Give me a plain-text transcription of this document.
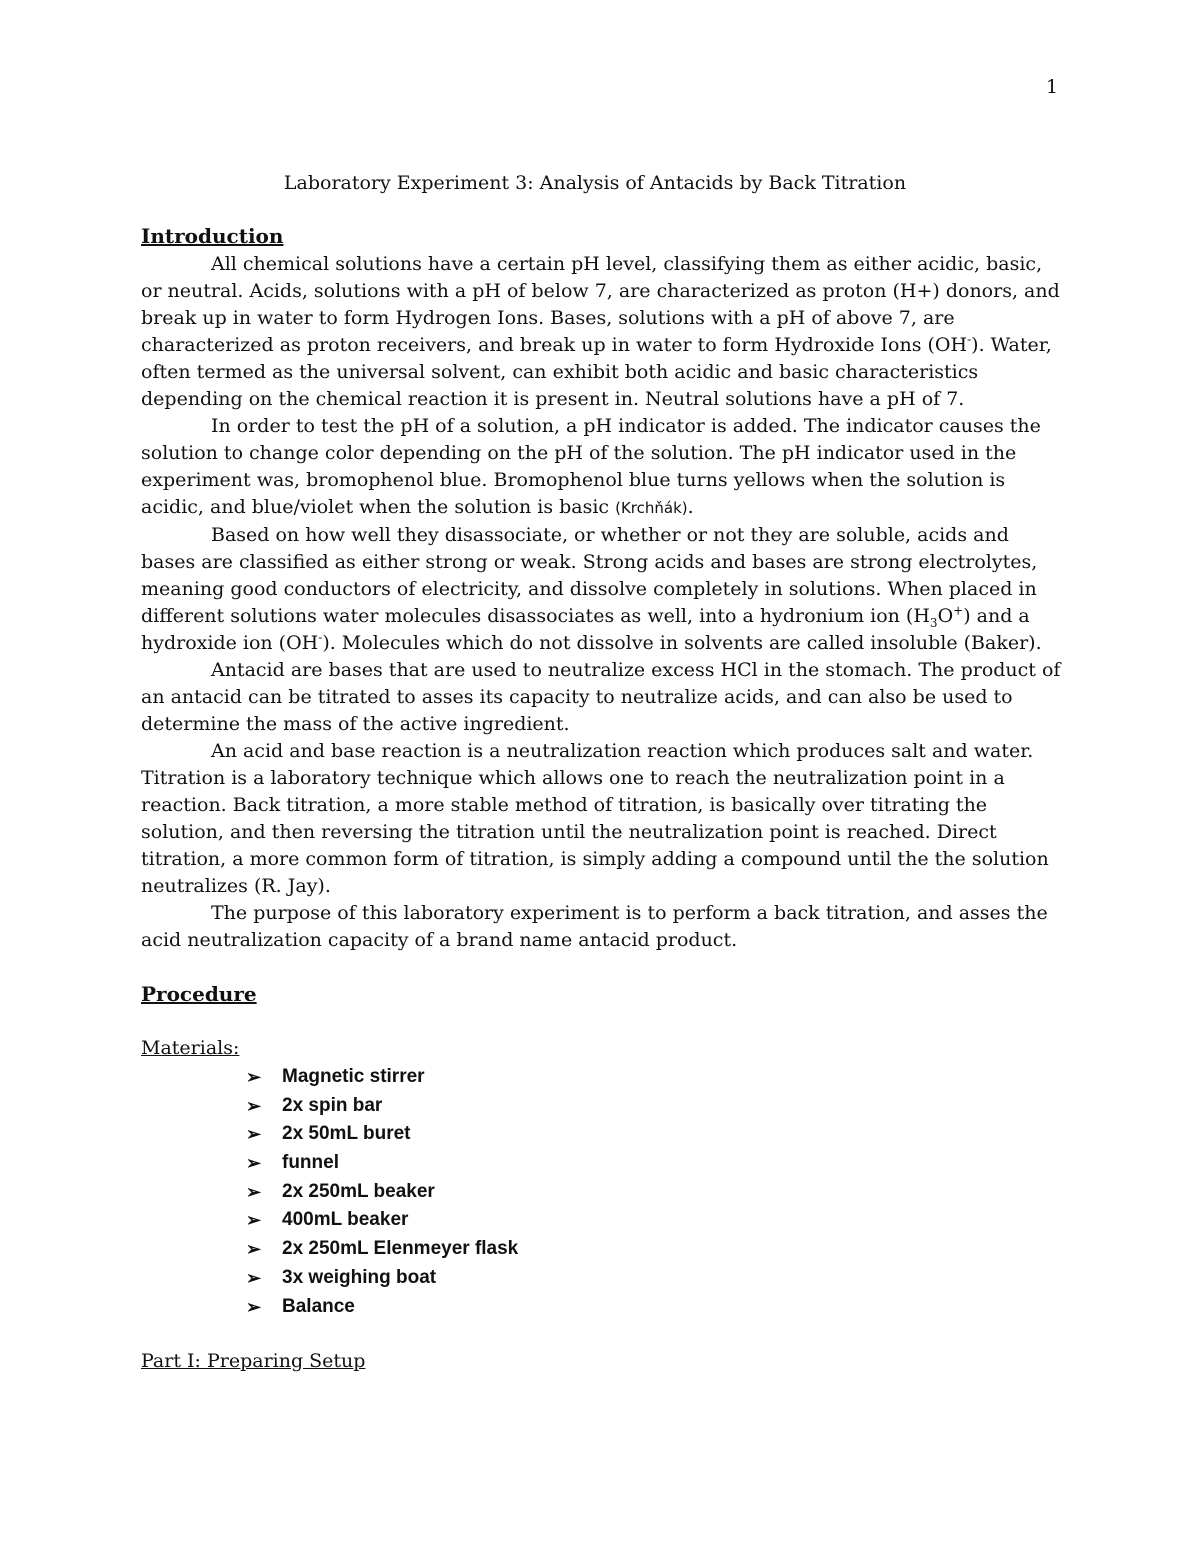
1
Laboratory Experiment 3: Analysis of Antacids by Back Titration
Introduction

All chemical solutions have a certain pH level, classifying them as either acidic, basic, or neutral. Acids, solutions with a pH of below 7, are characterized as proton (H+) donors, and break up in water to form Hydrogen Ions. Bases, solutions with a pH of above 7, are characterized as proton receivers, and break up in water to form Hydroxide Ions (OH-). Water, often termed as the universal solvent, can exhibit both acidic and basic characteristics depending on the chemical reaction it is present in. Neutral solutions have a pH of 7.

In order to test the pH of a solution, a pH indicator is added. The indicator causes the solution to change color depending on the pH of the solution. The pH indicator used in the experiment was, bromophenol blue. Bromophenol blue turns yellows when the solution is acidic, and blue/violet when the solution is basic (Krchňák).

Based on how well they disassociate, or whether or not they are soluble, acids and bases are classified as either strong or weak. Strong acids and bases are strong electrolytes, meaning good conductors of electricity, and dissolve completely in solutions. When placed in different solutions water molecules disassociates as well, into a hydronium ion $(H_3O^+)$ and a hydroxide ion (OH-). Molecules which do not dissolve in solvents are called insoluble (Baker).

Antacid are bases that are used to neutralize excess HCl in the stomach. The product of an antacid can be titrated to asses its capacity to neutralize acids, and can also be used to determine the mass of the active ingredient.

An acid and base reaction is a neutralization reaction which produces salt and water. Titration is a laboratory technique which allows one to reach the neutralization point in a reaction. Back titration, a more stable method of titration, is basically over titrating the solution, and then reversing the titration until the neutralization point is reached. Direct titration, a more common form of titration, is simply adding a compound until the the solution neutralizes (R. Jay).

The purpose of this laboratory experiment is to perform a back titration, and asses the acid neutralization capacity of a brand name antacid product.

Procedure
Materials:
➢	Magnetic stirrer
➢	2x spin bar
➢	2x 50mL buret
➢	funnel
➢	2x 250mL beaker
➢	400mL beaker
➢	2x 250mL Elenmeyer flask
➢	3x weighing boat
➢	Balance
Part I: Preparing Setup
